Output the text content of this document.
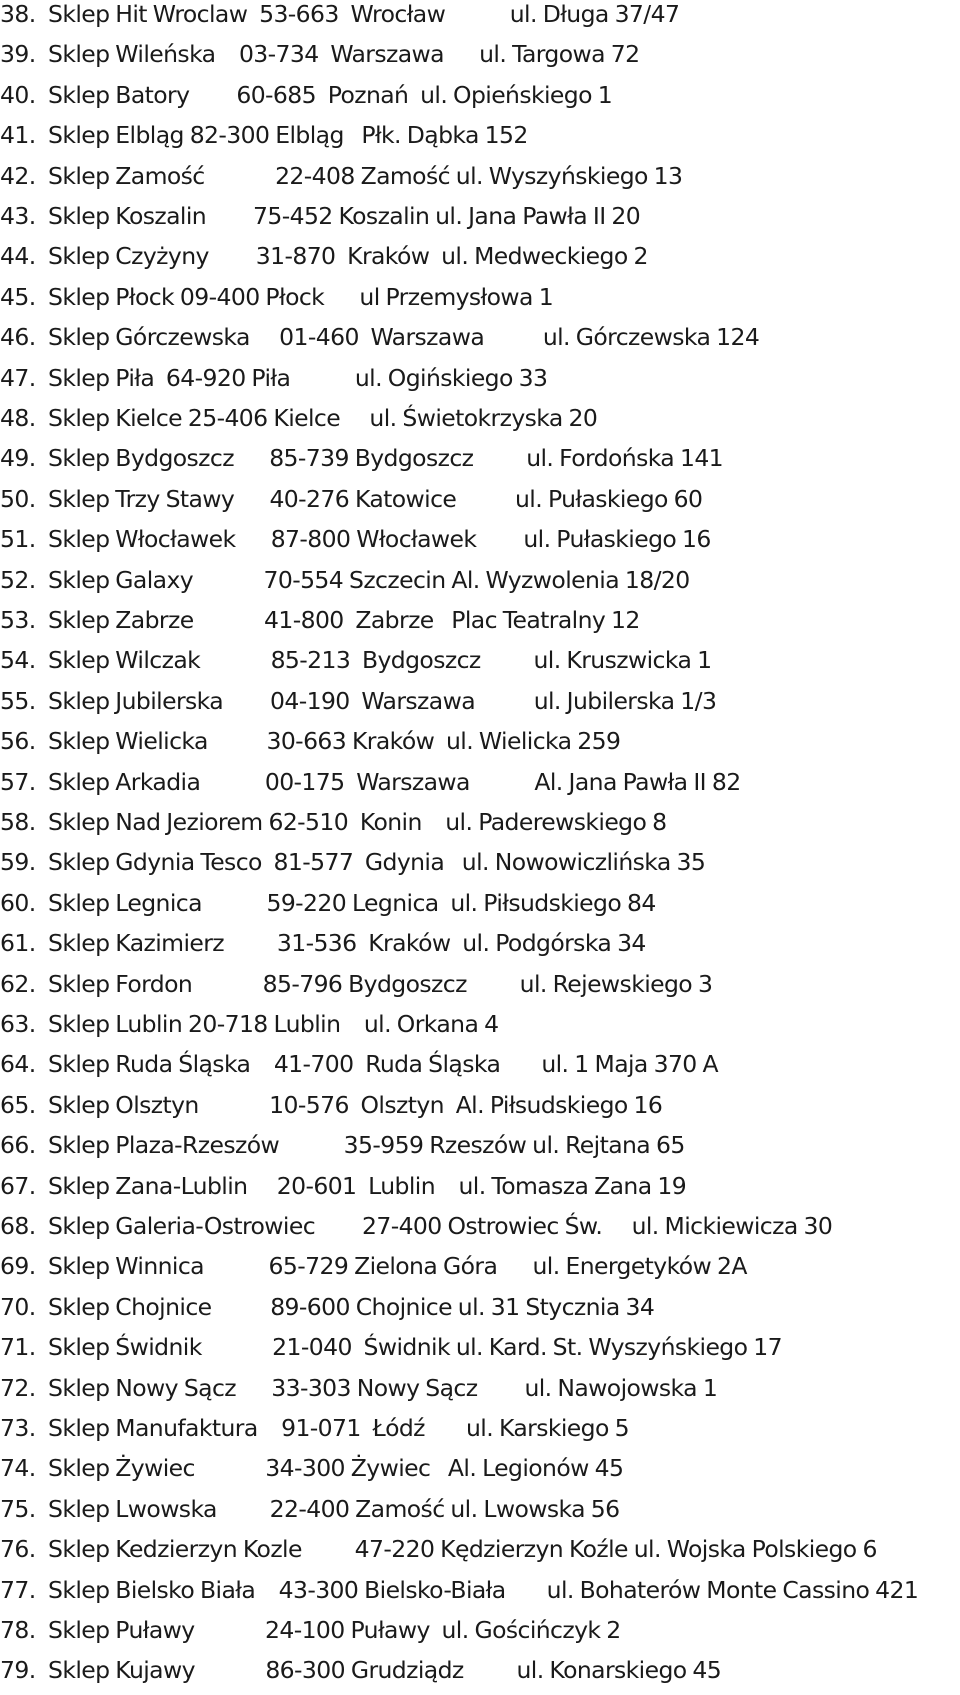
38. Sklep Hit Wroclaw  53-663  Wrocław           ul. Długa 37/47
39. Sklep Wileńska    03-734  Warszawa      ul. Targowa 72
40. Sklep Batory        60-685  Poznań  ul. Opieńskiego 1
41. Sklep Elbląg 82-300 Elbląg   Płk. Dąbka 152
42. Sklep Zamość            22-408 Zamość ul. Wyszyńskiego 13
43. Sklep Koszalin        75-452 Koszalin ul. Jana Pawła II 20
44. Sklep Czyżyny        31-870  Kraków  ul. Medweckiego 2
45. Sklep Płock 09-400 Płock      ul Przemysłowa 1
46. Sklep Górczewska     01-460  Warszawa          ul. Górczewska 124
47. Sklep Piła  64-920 Piła           ul. Ogińskiego 33
48. Sklep Kielce 25-406 Kielce     ul. Świetokrzyska 20
49. Sklep Bydgoszcz      85-739 Bydgoszcz         ul. Fordońska 141
50. Sklep Trzy Stawy      40-276 Katowice          ul. Pułaskiego 60
51. Sklep Włocławek      87-800 Włocławek        ul. Pułaskiego 16
52. Sklep Galaxy            70-554 Szczecin Al. Wyzwolenia 18/20
53. Sklep Zabrze            41-800  Zabrze   Plac Teatralny 12
54. Sklep Wilczak            85-213  Bydgoszcz         ul. Kruszwicka 1
55. Sklep Jubilerska        04-190  Warszawa          ul. Jubilerska 1/3
56. Sklep Wielicka          30-663 Kraków  ul. Wielicka 259
57. Sklep Arkadia           00-175  Warszawa           Al. Jana Pawła II 82
58. Sklep Nad Jeziorem 62-510  Konin    ul. Paderewskiego 8
59. Sklep Gdynia Tesco  81-577  Gdynia   ul. Nowowiczlińska 35
60. Sklep Legnica           59-220 Legnica  ul. Piłsudskiego 84
61. Sklep Kazimierz         31-536  Kraków  ul. Podgórska 34
62. Sklep Fordon            85-796 Bydgoszcz         ul. Rejewskiego 3
63. Sklep Lublin 20-718 Lublin    ul. Orkana 4
64. Sklep Ruda Śląska    41-700  Ruda Śląska       ul. 1 Maja 370 A
65. Sklep Olsztyn            10-576  Olsztyn  Al. Piłsudskiego 16
66. Sklep Plaza-Rzeszów           35-959 Rzeszów ul. Rejtana 65
67. Sklep Zana-Lublin     20-601  Lublin    ul. Tomasza Zana 19
68. Sklep Galeria-Ostrowiec        27-400 Ostrowiec Św.     ul. Mickiewicza 30
69. Sklep Winnica           65-729 Zielona Góra      ul. Energetyków 2A
70. Sklep Chojnice          89-600 Chojnice ul. 31 Stycznia 34
71. Sklep Świdnik            21-040  Świdnik ul. Kard. St. Wyszyńskiego 17
72. Sklep Nowy Sącz      33-303 Nowy Sącz        ul. Nawojowska 1
73. Sklep Manufaktura    91-071  Łódź       ul. Karskiego 5
74. Sklep Żywiec            34-300 Żywiec   Al. Legionów 45
75. Sklep Lwowska         22-400 Zamość ul. Lwowska 56
76. Sklep Kedzierzyn Kozle         47-220 Kędzierzyn Koźle ul. Wojska Polskiego 6
77. Sklep Bielsko Biała    43-300 Bielsko-Biała       ul. Bohaterów Monte Cassino 421
78. Sklep Puławy            24-100 Puławy  ul. Gościńczyk 2
79. Sklep Kujawy            86-300 Grudziądz         ul. Konarskiego 45
